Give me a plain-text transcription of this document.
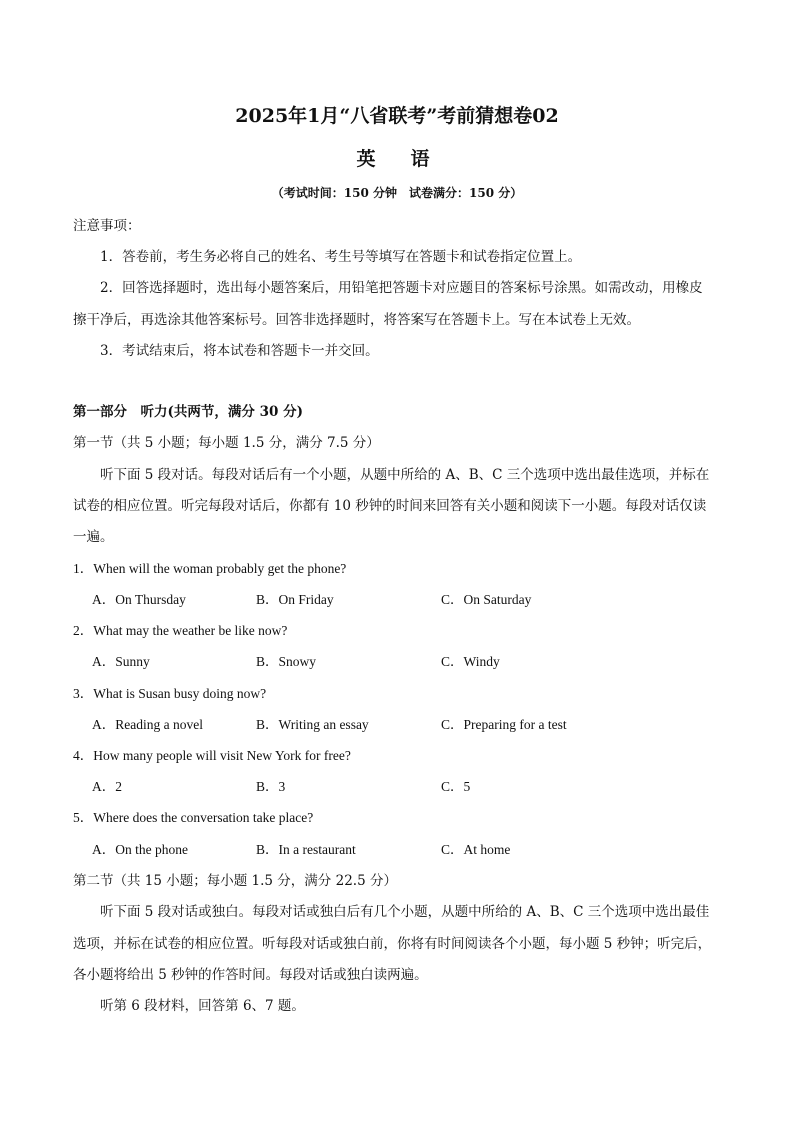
2025年1月“八省联考”考前猜想卷02
英　语
（考试时间：150 分钟　试卷满分：150 分）
注意事项：
1．答卷前，考生务必将自己的姓名、考生号等填写在答题卡和试卷指定位置上。
2．回答选择题时，选出每小题答案后，用铅笔把答题卡对应题目的答案标号涂黑。如需改动，用橡皮
擦干净后，再选涂其他答案标号。回答非选择题时，将答案写在答题卡上。写在本试卷上无效。
3．考试结束后，将本试卷和答题卡一并交回。
第一部分　听力(共两节，满分 30 分)
第一节（共 5 小题；每小题 1.5 分，满分 7.5 分）
听下面 5 段对话。每段对话后有一个小题，从题中所给的 A、B、C 三个选项中选出最佳选项，并标在
试卷的相应位置。听完每段对话后，你都有 10 秒钟的时间来回答有关小题和阅读下一小题。每段对话仅读
一遍。
1．When will the woman probably get the phone?
A．On Thursday	B．On Friday	C．On Saturday
2．What may the weather be like now?
A．Sunny	B．Snowy	C．Windy
3．What is Susan busy doing now?
A．Reading a novel	B．Writing an essay	C．Preparing for a test
4．How many people will visit New York for free?
A．2	B．3	C．5
5．Where does the conversation take place?
A．On the phone	B．In a restaurant	C．At home
第二节（共 15 小题；每小题 1.5 分，满分 22.5 分）
听下面 5 段对话或独白。每段对话或独白后有几个小题，从题中所给的 A、B、C 三个选项中选出最佳
选项，并标在试卷的相应位置。听每段对话或独白前，你将有时间阅读各个小题，每小题 5 秒钟；听完后，
各小题将给出 5 秒钟的作答时间。每段对话或独白读两遍。
听第 6 段材料，回答第 6、7 题。
